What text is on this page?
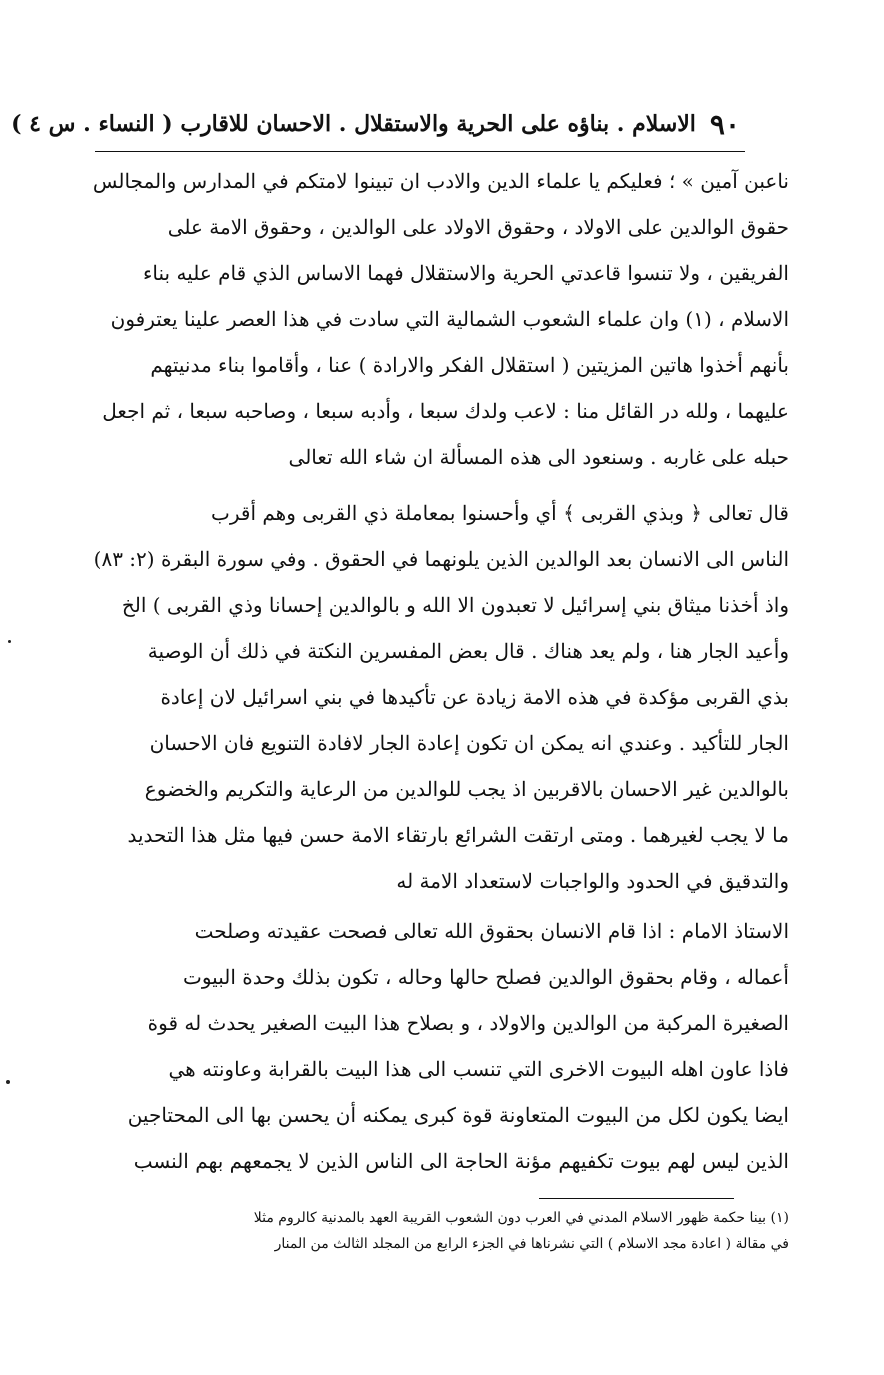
٩٠
الاسلام . بناؤه على الحرية والاستقلال . الاحسان للاقارب ( النساء . س ٤ )
ناعبن آمين » ؛ فعليكم يا علماء الدين والادب ان تبينوا لامتكم في المدارس والمجالس
حقوق الوالدين على الاولاد ، وحقوق الاولاد على الوالدين ، وحقوق الامة على
الفريقين ، ولا تنسوا قاعدتي الحرية والاستقلال فهما الاساس الذي قام عليه بناء
الاسلام ، (١) وان علماء الشعوب الشمالية التي سادت في هذا العصر علينا يعترفون
بأنهم أخذوا هاتين المزيتين ( استقلال الفكر والارادة ) عنا ، وأقاموا بناء مدنيتهم
عليهما ، ولله در القائل منا : لاعب ولدك سبعا ، وأدبه سبعا ، وصاحبه سبعا ، ثم اجعل
حبله على غاربه . وسنعود الى هذه المسألة ان شاء الله تعالى
قال تعالى ﴿ وبذي القربى ﴾ أي وأحسنوا بمعاملة ذي القربى وهم أقرب
الناس الى الانسان بعد الوالدين الذين يلونهما في الحقوق . وفي سورة البقرة (٢: ٨٣)
واذ أخذنا ميثاق بني إسرائيل لا تعبدون الا الله و بالوالدين إحسانا وذي القربى ) الخ
وأعيد الجار هنا ، ولم يعد هناك . قال بعض المفسرين النكتة في ذلك أن الوصية
بذي القربى مؤكدة في هذه الامة زيادة عن تأكيدها في بني اسرائيل لان إعادة
الجار للتأكيد . وعندي انه يمكن ان تكون إعادة الجار لافادة التنويع فان الاحسان
بالوالدين غير الاحسان بالاقربين اذ يجب للوالدين من الرعاية والتكريم والخضوع
ما لا يجب لغيرهما . ومتى ارتقت الشرائع بارتقاء الامة حسن فيها مثل هذا التحديد
والتدقيق في الحدود والواجبات لاستعداد الامة له
الاستاذ الامام : اذا قام الانسان بحقوق الله تعالى فصحت عقيدته وصلحت
أعماله ، وقام بحقوق الوالدين فصلح حالها وحاله ، تكون بذلك وحدة البيوت
الصغيرة المركبة من الوالدين والاولاد ، و بصلاح هذا البيت الصغير يحدث له قوة
فاذا عاون اهله البيوت الاخرى التي تنسب الى هذا البيت بالقرابة وعاونته هي
ايضا يكون لكل من البيوت المتعاونة قوة كبرى يمكنه أن يحسن بها الى المحتاجين
الذين ليس لهم بيوت تكفيهم مؤنة الحاجة الى الناس الذين لا يجمعهم بهم النسب
(١) بينا حكمة ظهور الاسلام المدني في العرب دون الشعوب القريبة العهد بالمدنية كالروم مثلا
في مقالة ( اعادة مجد الاسلام ) التي نشرناها في الجزء الرابع من المجلد الثالث من المنار
